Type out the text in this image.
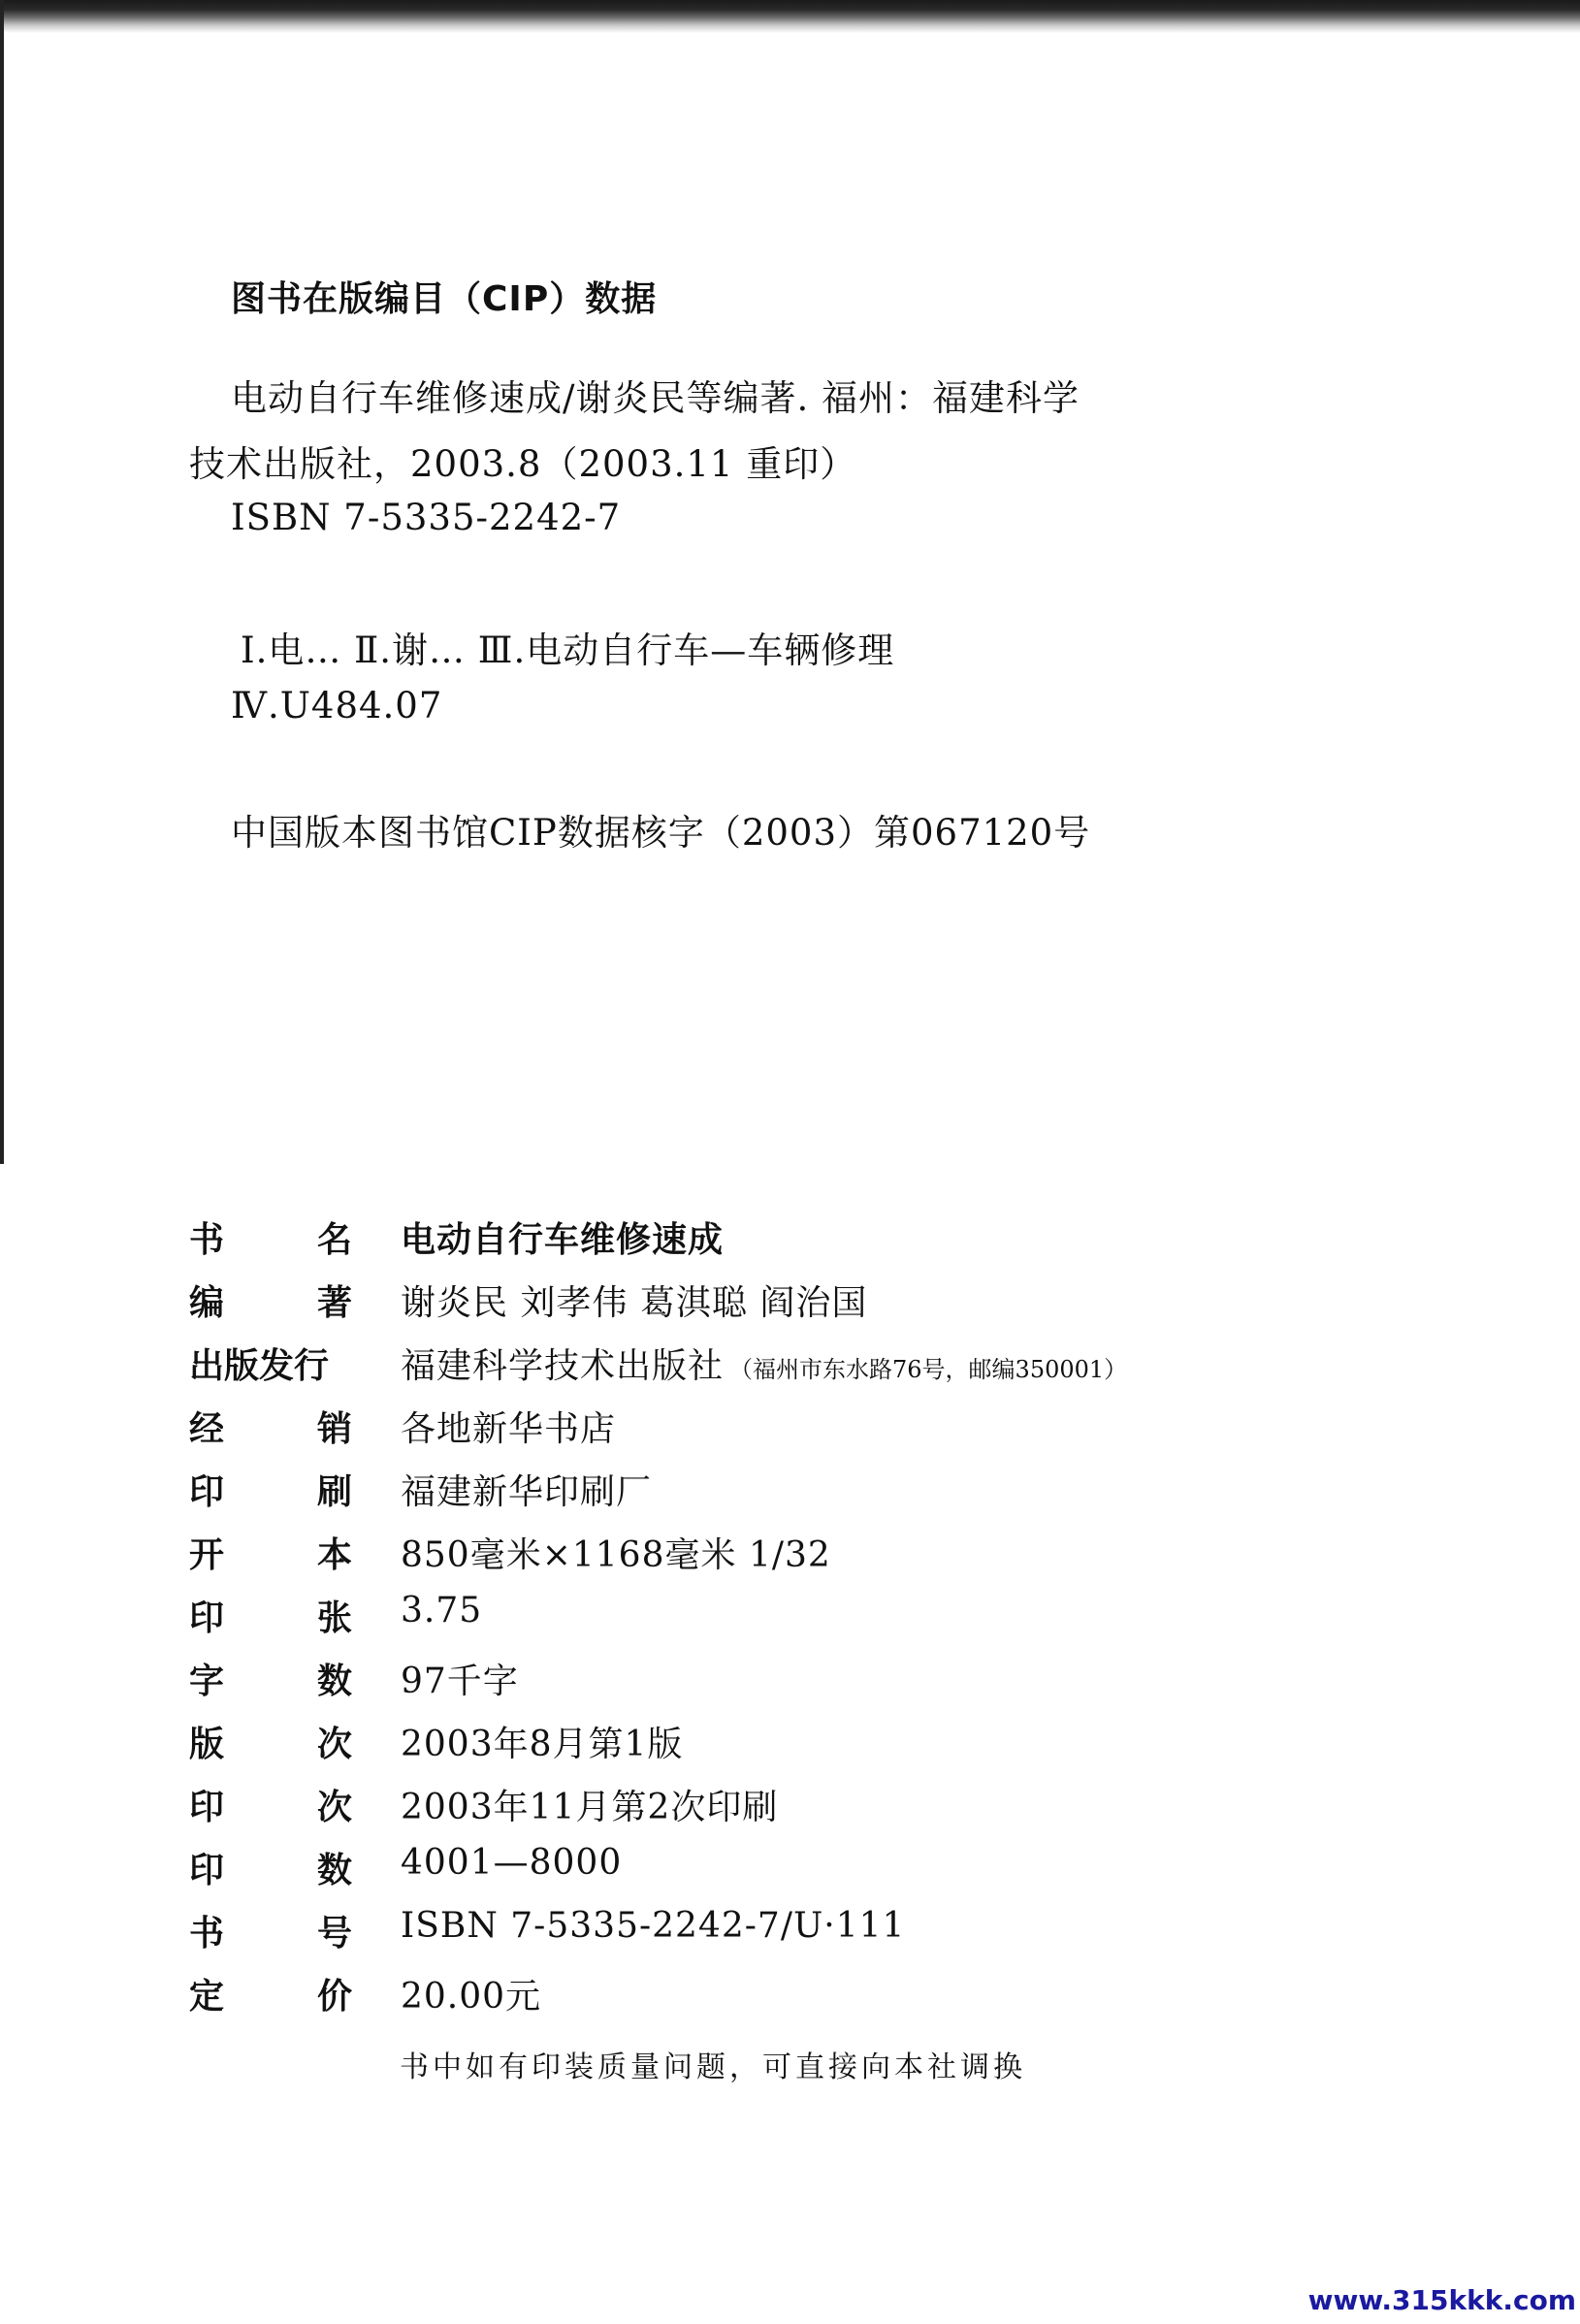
图书在版编目（CIP）数据
电动自行车维修速成/谢炎民等编著. 福州：福建科学
技术出版社，2003.8（2003.11 重印）
ISBN 7-5335-2242-7
Ⅰ.电… Ⅱ.谢… Ⅲ.电动自行车—车辆修理
Ⅳ.U484.07
中国版本图书馆CIP数据核字（2003）第067120号
书	名 电动自行车维修速成
编	著 谢炎民 刘孝伟 葛淇聪 阎治国
出版发行	福建科学技术出版社 （福州市东水路76号，邮编350001）
经	销 各地新华书店
印	刷 福建新华印刷厂
开	本 850毫米×1168毫米 1/32
印	张 3.75
字	数 97千字
版	次 2003年8月第1版
印	次 2003年11月第2次印刷
印	数 4001—8000
书	号 ISBN 7-5335-2242-7/U·111
定	价 20.00元
书中如有印装质量问题，可直接向本社调换
www.315kkk.com
